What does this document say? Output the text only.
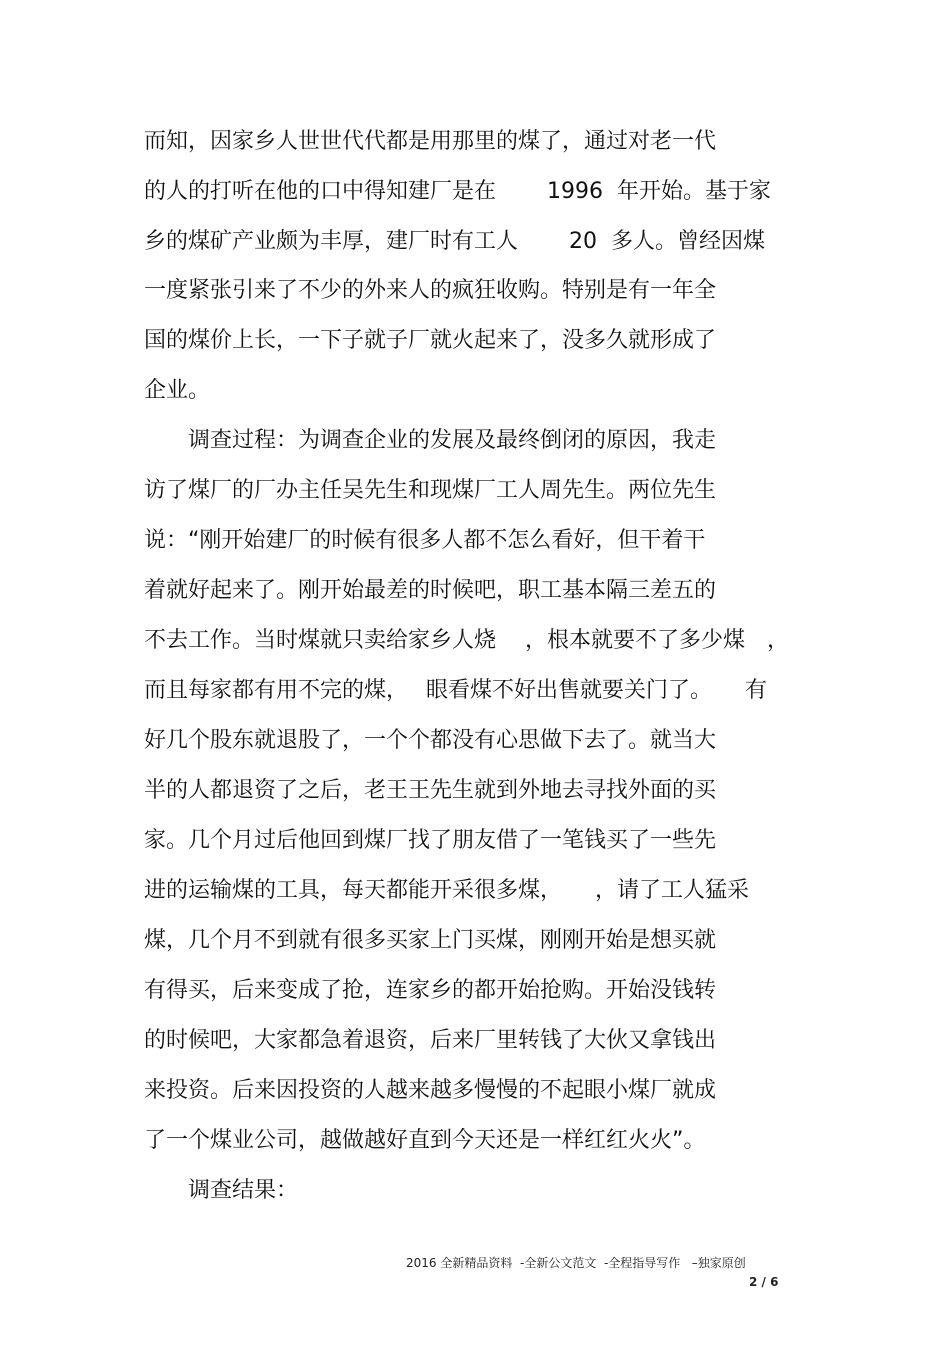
而知，因家乡人世世代代都是用那里的煤了，通过对老一代

的人的打听在他的口中得知建厂是在　　 1996  年开始。基于家

乡的煤矿产业颇为丰厚，建厂时有工人　　 20  多人。曾经因煤

一度紧张引来了不少的外来人的疯狂收购。特别是有一年全

国的煤价上长，一下子就子厂就火起来了，没多久就形成了

企业。

　　调查过程：为调查企业的发展及最终倒闭的原因，我走

访了煤厂的厂办主任吴先生和现煤厂工人周先生。两位先生

说：“刚开始建厂的时候有很多人都不怎么看好，但干着干

着就好起来了。刚开始最差的时候吧，职工基本隔三差五的

不去工作。当时煤就只卖给家乡人烧　 ，根本就要不了多少煤　，

而且每家都有用不完的煤，　 眼看煤不好出售就要关门了。　　有

好几个股东就退股了，一个个都没有心思做下去了。就当大

半的人都退资了之后，老王王先生就到外地去寻找外面的买

家。几个月过后他回到煤厂找了朋友借了一笔钱买了一些先

进的运输煤的工具，每天都能开采很多煤，　　，请了工人猛采

煤，几个月不到就有很多买家上门买煤，刚刚开始是想买就

有得买，后来变成了抢，连家乡的都开始抢购。开始没钱转

的时候吧，大家都急着退资，后来厂里转钱了大伙又拿钱出

来投资。后来因投资的人越来越多慢慢的不起眼小煤厂就成

了一个煤业公司，越做越好直到今天还是一样红红火火”。

　　调查结果：

2016 全新精品资料  -全新公文范文  -全程指导写作   –独家原创
2 / 6
